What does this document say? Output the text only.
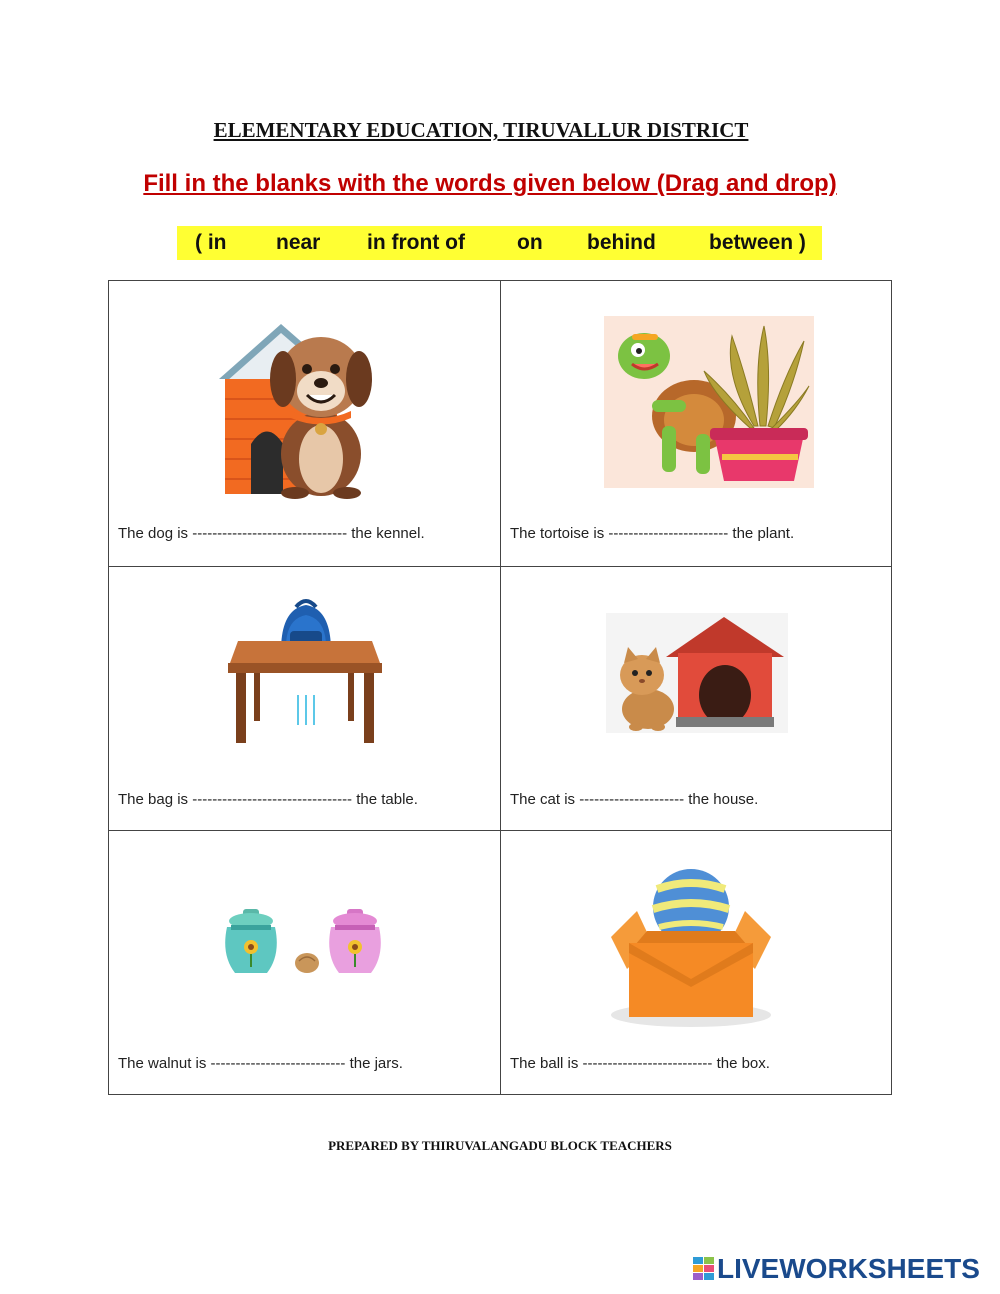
ELEMENTARY EDUCATION, TIRUVALLUR DISTRICT
Fill in the blanks with the words given below (Drag and drop)
( in near in front of on behind	between )
The dog is ------------------------------- the kennel.	The tortoise is ------------------------ the plant.
The bag is -------------------------------- the table.	The cat is --------------------- the house.
The walnut is --------------------------- the jars.	The ball is -------------------------- the box.
PREPARED BY THIRUVALANGADU BLOCK TEACHERS
LIVEWORKSHEETS
